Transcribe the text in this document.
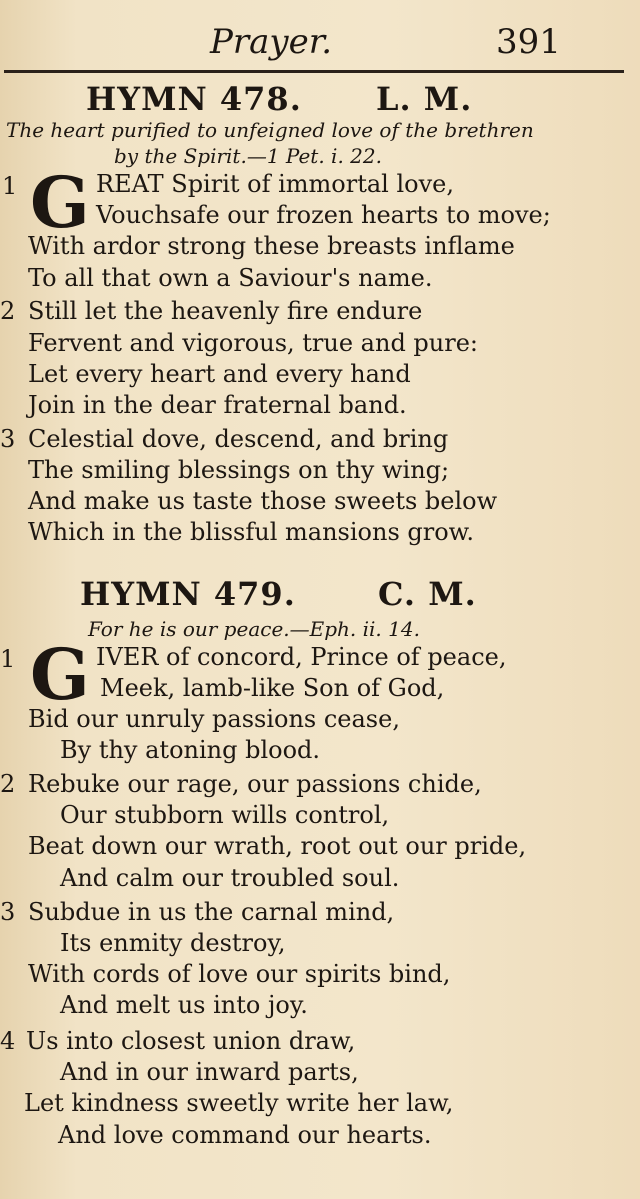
Prayer.	391
HYMN 478. L. M.
The heart purified to unfeigned love of the brethren
by the Spirit.—1 Pet. i. 22.
1 G REAT Spirit of immortal love,
Vouchsafe our frozen hearts to move;
With ardor strong these breasts inflame
To all that own a Saviour's name.
2 Still let the heavenly fire endure
Fervent and vigorous, true and pure:
Let every heart and every hand
Join in the dear fraternal band.
3 Celestial dove, descend, and bring
The smiling blessings on thy wing;
And make us taste those sweets below
Which in the blissful mansions grow.
HYMN 479.	C. M.
For he is our peace.—Eph. ii. 14.
1 G IVER of concord, Prince of peace,
Meek, lamb-like Son of God,
Bid our unruly passions cease,
By thy atoning blood.
2 Rebuke our rage, our passions chide,
Our stubborn wills control,
Beat down our wrath, root out our pride,
And calm our troubled soul.
3 Subdue in us the carnal mind,
Its enmity destroy,
With cords of love our spirits bind,
And melt us into joy.
4 Us into closest union draw,
And in our inward parts,
Let kindness sweetly write her law,
And love command our hearts.
